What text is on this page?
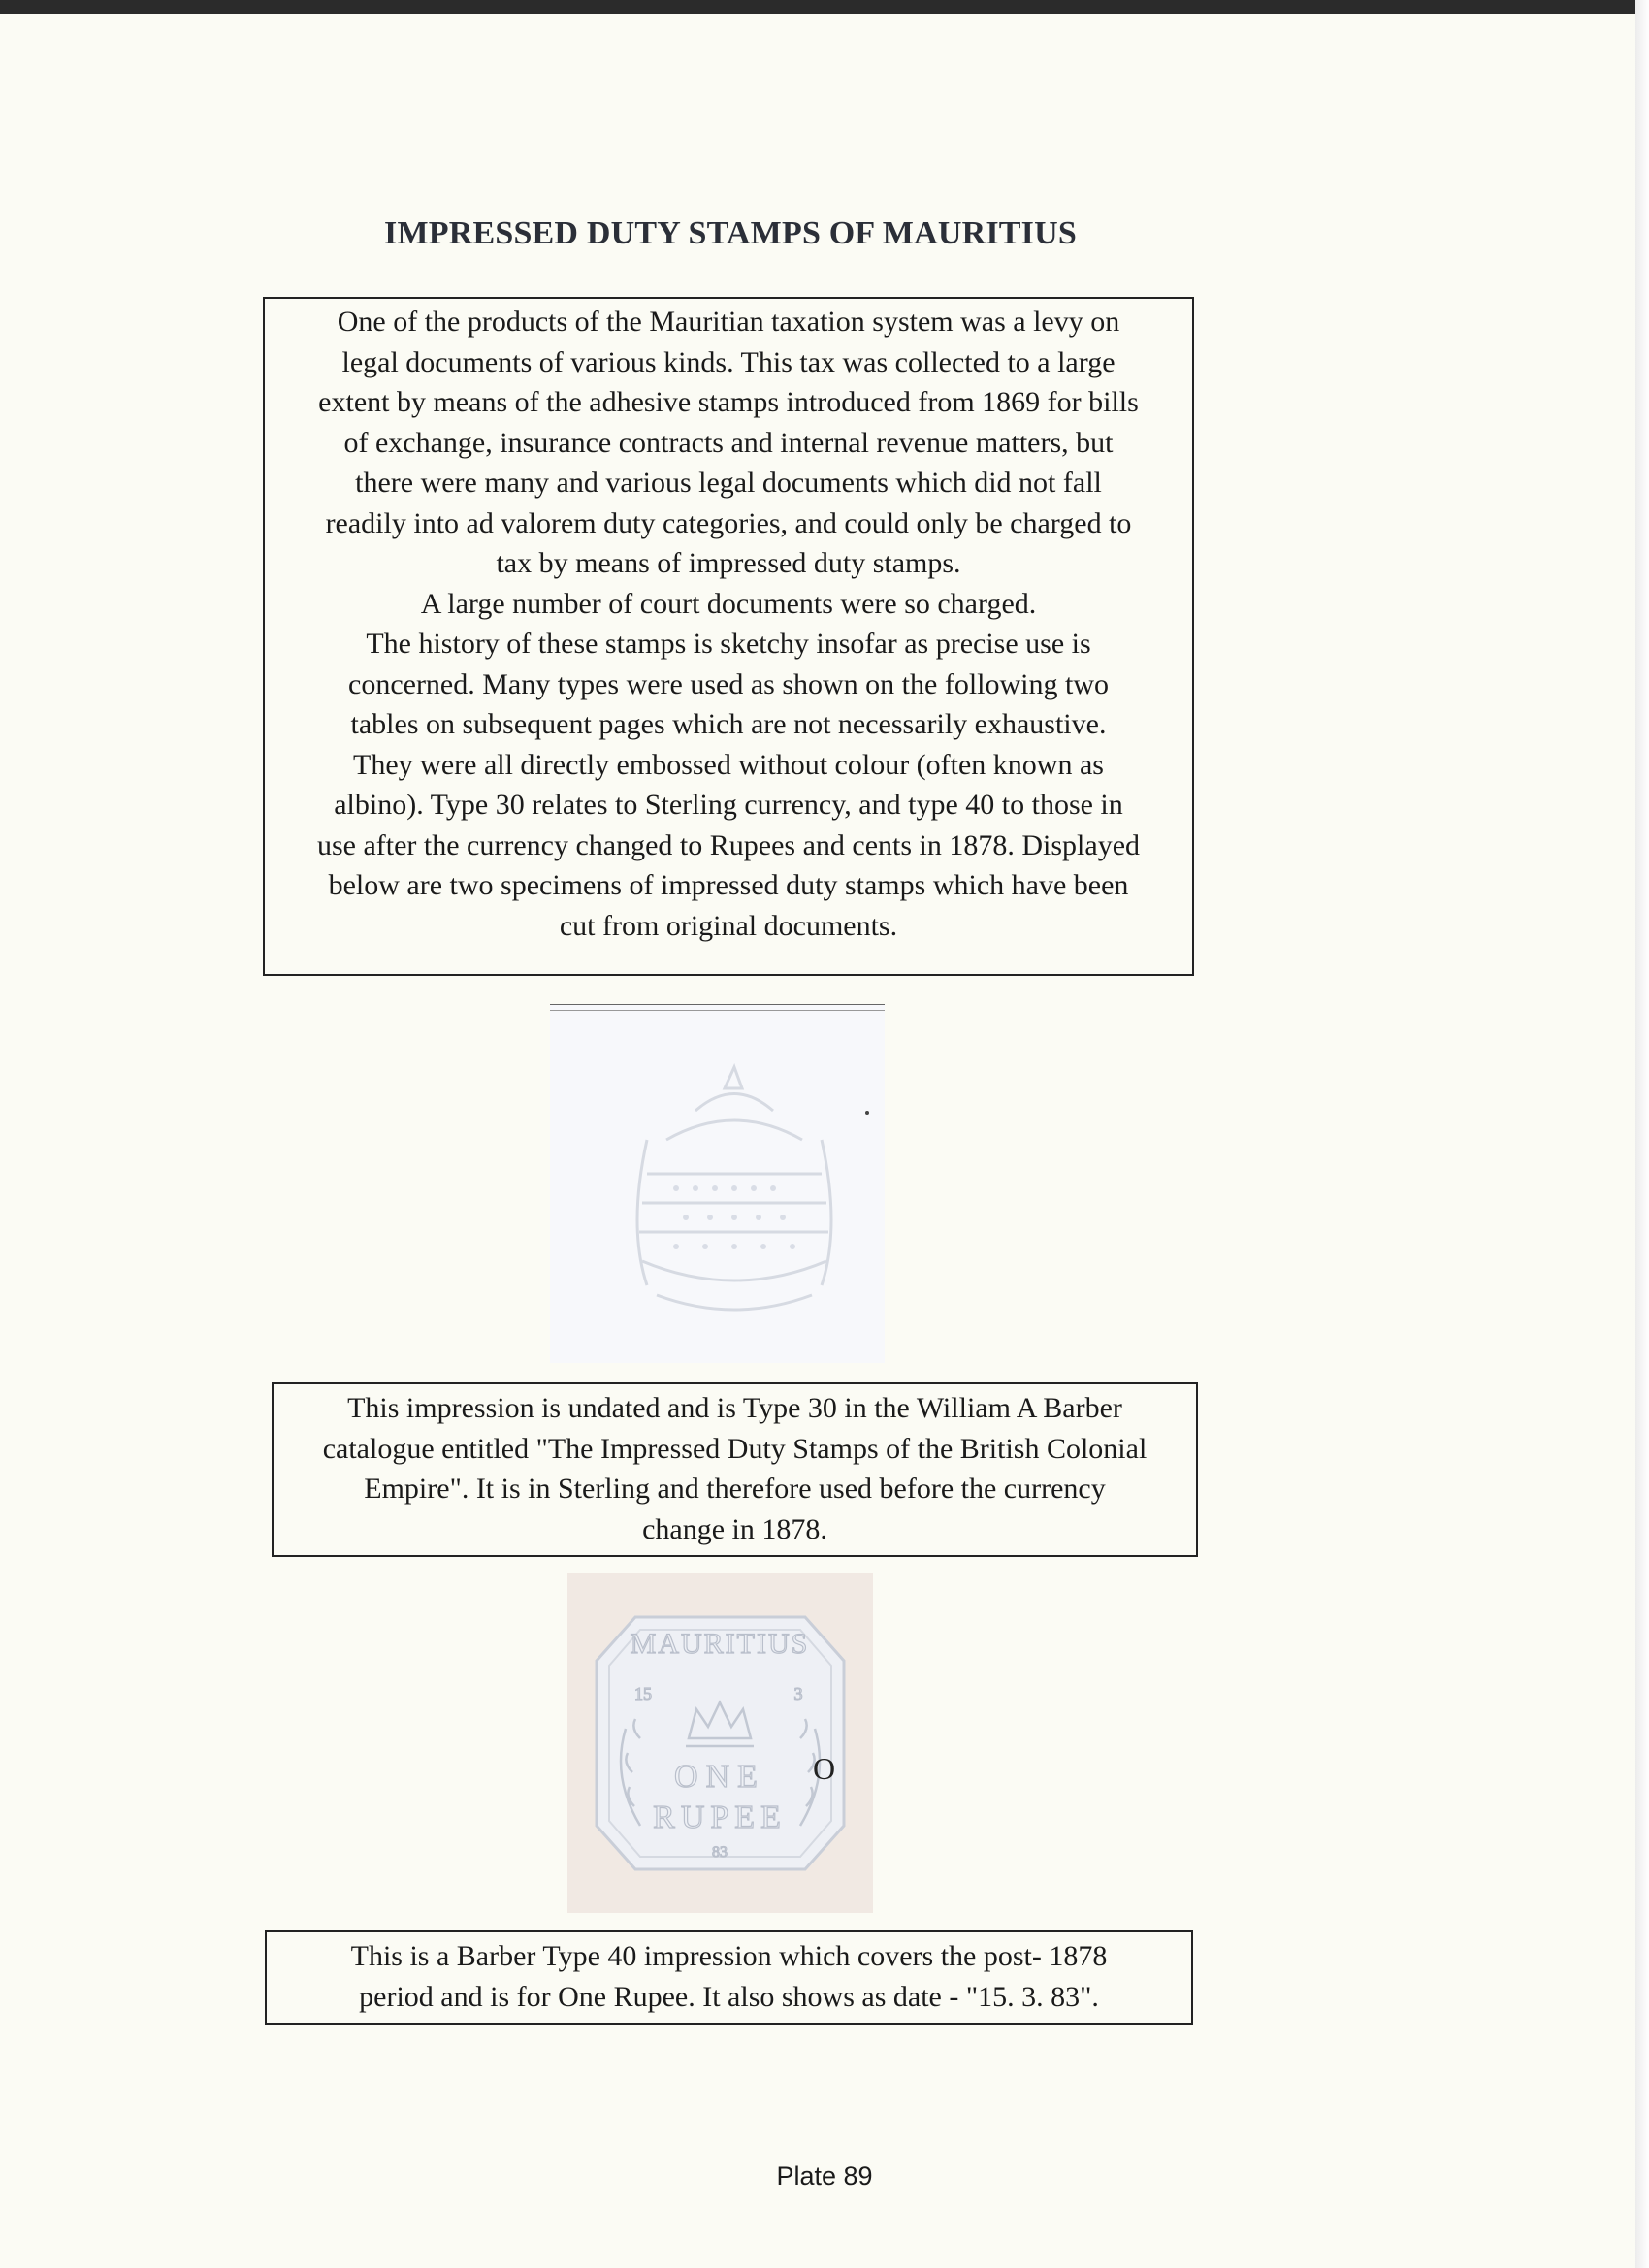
IMPRESSED DUTY STAMPS OF MAURITIUS

One of the products of the Mauritian taxation system was a levy on

legal documents of various kinds. This tax was collected to a large

extent by means of the adhesive stamps introduced from 1869 for bills

of exchange, insurance contracts and internal revenue matters, but

there were many and various legal documents which did not fall

readily into ad valorem duty categories, and could only be charged to

tax by means of impressed duty stamps.

A large number of court documents were so charged.

The history of these stamps is sketchy insofar as precise use is

concerned. Many types were used as shown on the following two

tables on subsequent pages which are not necessarily exhaustive.

They were all directly embossed without colour (often known as

albino). Type 30 relates to Sterling currency, and type 40 to those in

use after the currency changed to Rupees and cents in 1878. Displayed

below are two specimens of impressed duty stamps which have been

cut from original documents.

This impression is undated and is Type 30 in the William A Barber

catalogue entitled "The Impressed Duty Stamps of the British Colonial

Empire". It is in Sterling and therefore used before the currency

change in 1878.

MAURITIUS
ONE
RUPEE
83
15	3
O

This is a Barber Type 40 impression which covers the post- 1878

period and is for One Rupee. It also shows as date - "15. 3. 83".

Plate 89
